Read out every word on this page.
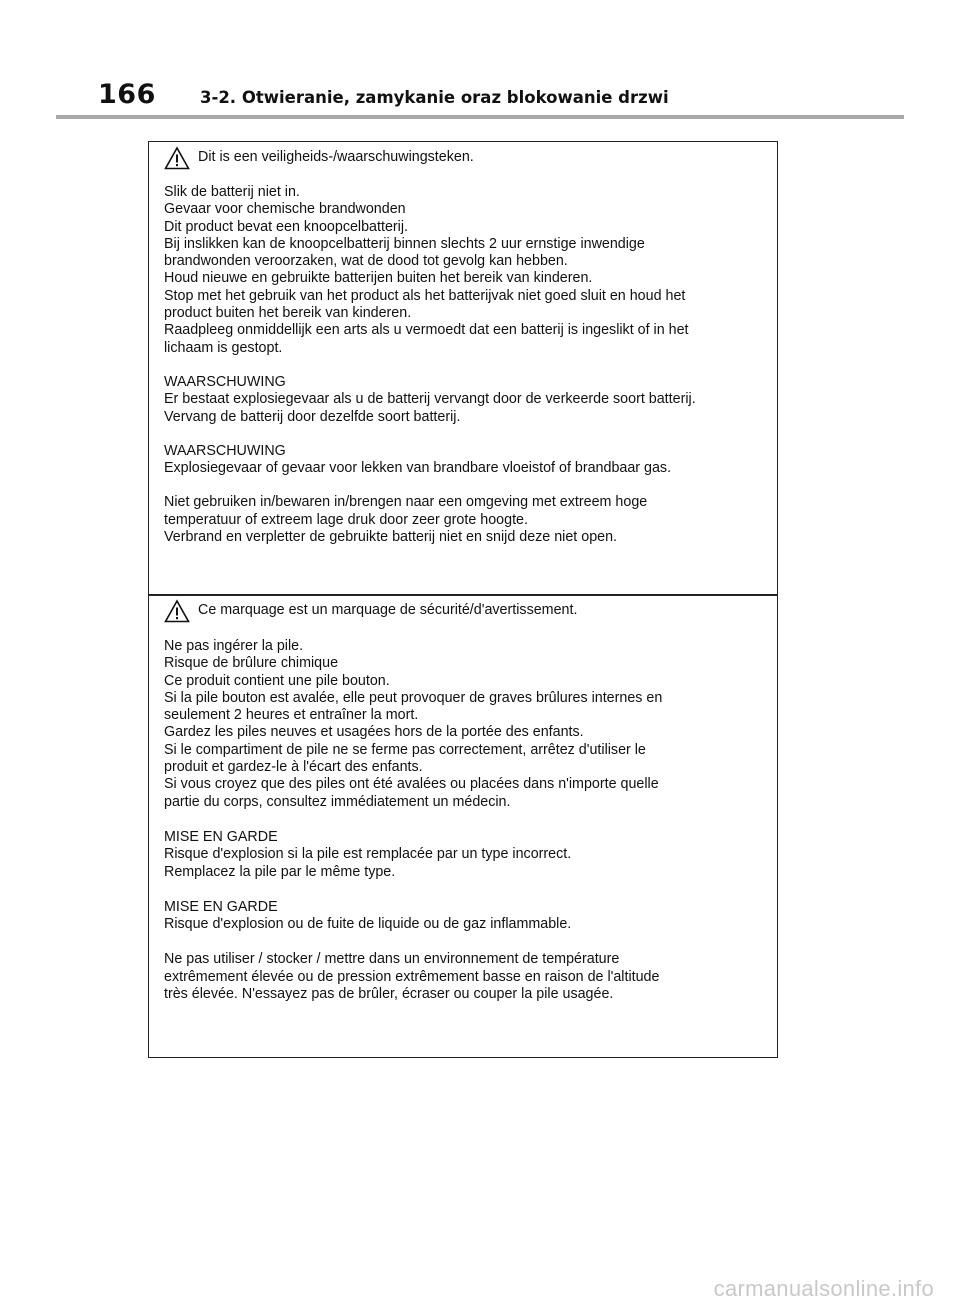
166	3-2. Otwieranie, zamykanie oraz blokowanie drzwi
Dit is een veiligheids-/waarschuwingsteken.
Slik de batterij niet in.
Gevaar voor chemische brandwonden
Dit product bevat een knoopcelbatterij.
Bij inslikken kan de knoopcelbatterij binnen slechts 2 uur ernstige inwendige
brandwonden veroorzaken, wat de dood tot gevolg kan hebben.
Houd nieuwe en gebruikte batterijen buiten het bereik van kinderen.
Stop met het gebruik van het product als het batterijvak niet goed sluit en houd het
product buiten het bereik van kinderen.
Raadpleeg onmiddellijk een arts als u vermoedt dat een batterij is ingeslikt of in het
lichaam is gestopt.
WAARSCHUWING
Er bestaat explosiegevaar als u de batterij vervangt door de verkeerde soort batterij.
Vervang de batterij door dezelfde soort batterij.
WAARSCHUWING
Explosiegevaar of gevaar voor lekken van brandbare vloeistof of brandbaar gas.
Niet gebruiken in/bewaren in/brengen naar een omgeving met extreem hoge
temperatuur of extreem lage druk door zeer grote hoogte.
Verbrand en verpletter de gebruikte batterij niet en snijd deze niet open.
Ce marquage est un marquage de sécurité/d'avertissement.
Ne pas ingérer la pile.
Risque de brûlure chimique
Ce produit contient une pile bouton.
Si la pile bouton est avalée, elle peut provoquer de graves brûlures internes en
seulement 2 heures et entraîner la mort.
Gardez les piles neuves et usagées hors de la portée des enfants.
Si le compartiment de pile ne se ferme pas correctement, arrêtez d'utiliser le
produit et gardez-le à l'écart des enfants.
Si vous croyez que des piles ont été avalées ou placées dans n'importe quelle
partie du corps, consultez immédiatement un médecin.
MISE EN GARDE
Risque d'explosion si la pile est remplacée par un type incorrect.
Remplacez la pile par le même type.
MISE EN GARDE
Risque d'explosion ou de fuite de liquide ou de gaz inflammable.
Ne pas utiliser / stocker / mettre dans un environnement de température
extrêmement élevée ou de pression extrêmement basse en raison de l'altitude
très élevée. N'essayez pas de brûler, écraser ou couper la pile usagée.
carmanualsonline.info
